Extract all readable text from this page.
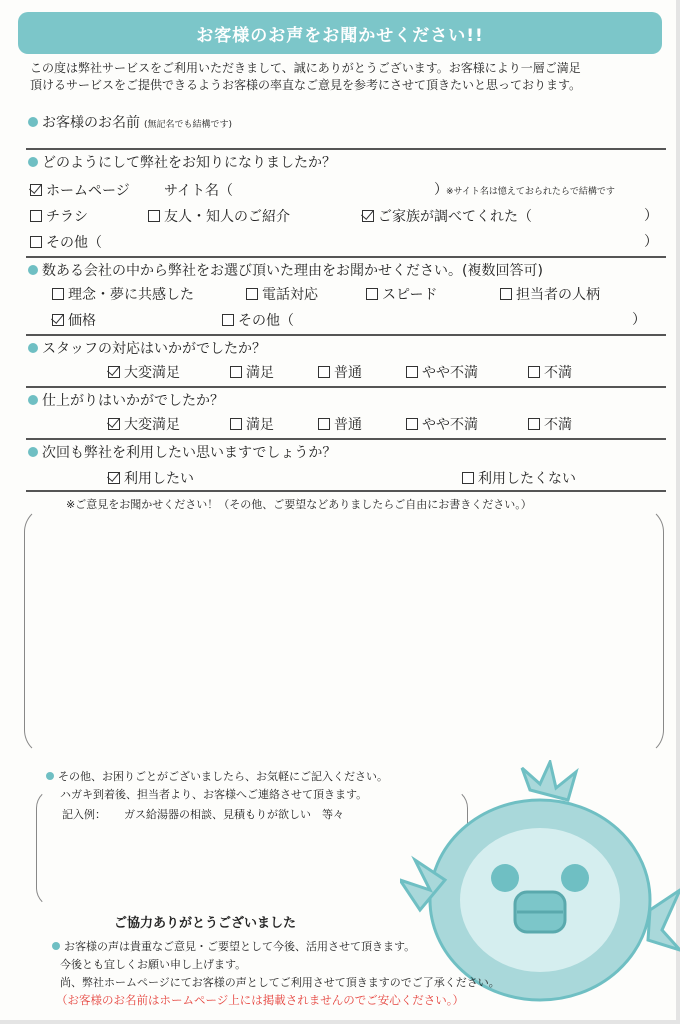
お客様のお声をお聞かせください!!
この度は弊社サービスをご利用いただきまして、誠にありがとうございます。お客様により一層ご満足
頂けるサービスをご提供できるようお客様の率直なご意見を参考にさせて頂きたいと思っております。
お客様のお名前 (無記名でも結構です)
どのようにして弊社をお知りになりましたか？
ホームページ サイト名（	）
※サイト名は憶えておられたらで結構です
チラシ	友人・知人のご紹介	ご家族が調べてくれた（	）
その他（	）
数ある会社の中から弊社をお選び頂いた理由をお聞かせください。(複数回答可)
理念・夢に共感した	電話対応	スピード	担当者の人柄
価格	その他（	）
スタッフの対応はいかがでしたか？
大変満足	満足	普通	やや不満	不満
仕上がりはいかがでしたか？
大変満足	満足	普通	やや不満	不満
次回も弊社を利用したい思いますでしょうか？
利用したい	利用したくない
※ご意見をお聞かせください！（その他、ご要望などありましたらご自由にお書きください。）
その他、お困りごとがございましたら、お気軽にご記入ください。
ハガキ到着後、担当者より、お客様へご連絡させて頂きます。
記入例： ガス給湯器の相談、見積もりが欲しい　等々
ご協力ありがとうございました
お客様の声は貴重なご意見・ご要望として今後、活用させて頂きます。
今後とも宜しくお願い申し上げます。
尚、弊社ホームページにてお客様の声としてご利用させて頂きますのでご了承ください。
（お客様のお名前はホームページ上には掲載されませんのでご安心ください。）
